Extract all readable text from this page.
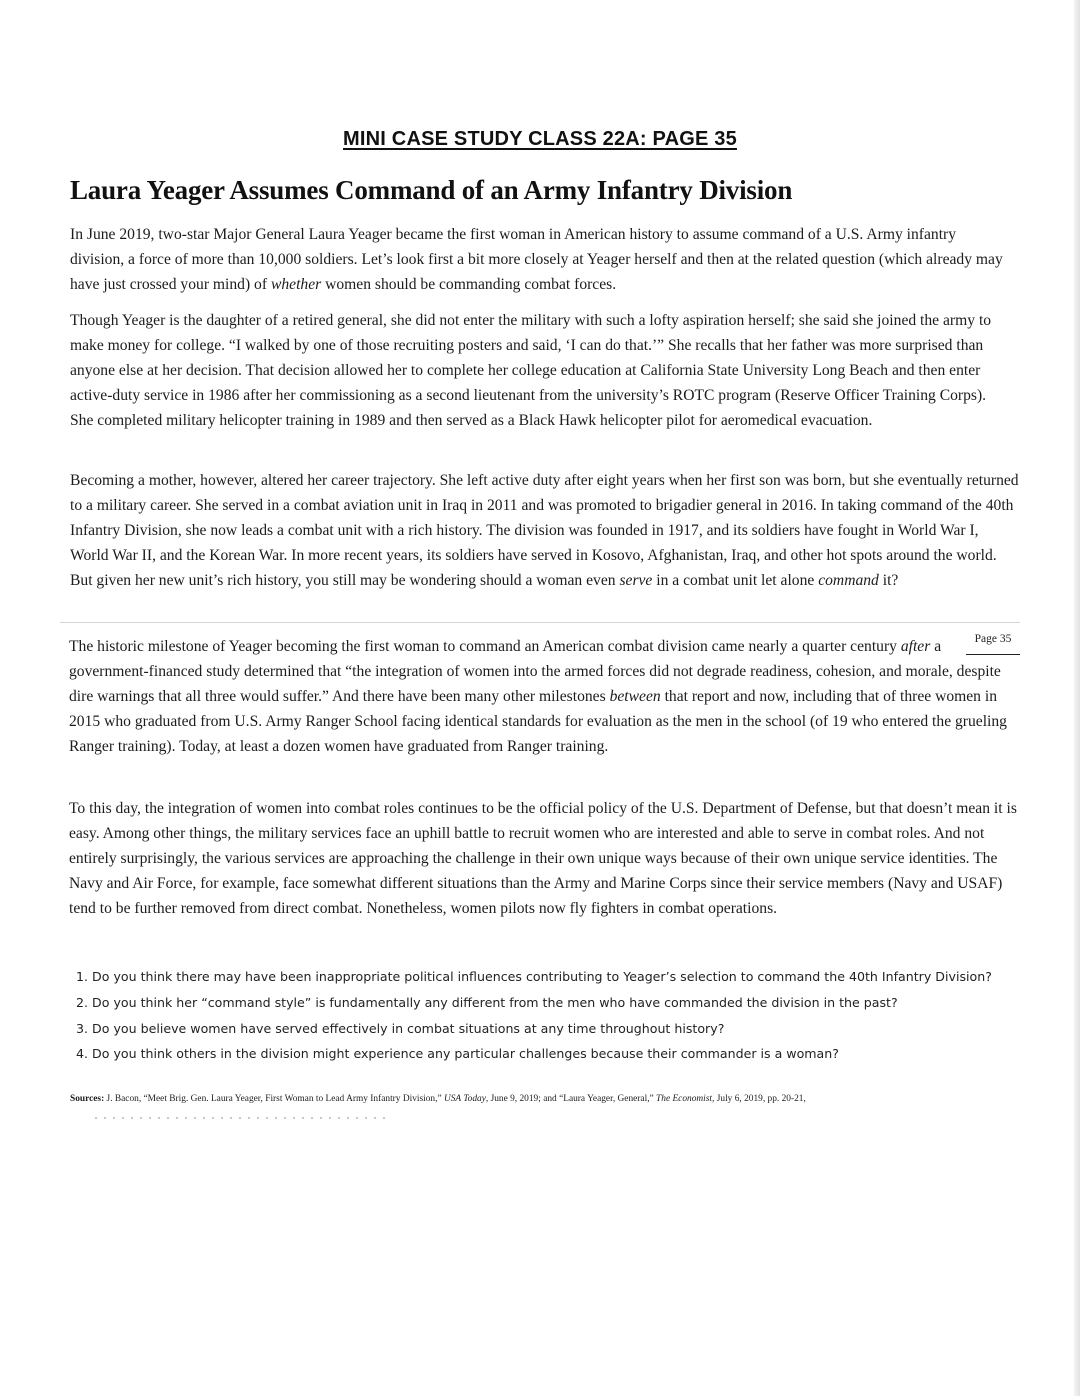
MINI CASE STUDY CLASS 22A: PAGE 35
Laura Yeager Assumes Command of an Army Infantry Division

In June 2019, two-star Major General Laura Yeager became the first woman in American history to assume command of a U.S. Army infantry division, a force of more than 10,000 soldiers. Let’s look first a bit more closely at Yeager herself and then at the related question (which already may have just crossed your mind) of whether women should be commanding combat forces.

Though Yeager is the daughter of a retired general, she did not enter the military with such a lofty aspiration herself; she said she joined the army to make money for college. “I walked by one of those recruiting posters and said, ‘I can do that.’” She recalls that her father was more surprised than anyone else at her decision. That decision allowed her to complete her college education at California State University Long Beach and then enter active-duty service in 1986 after her commissioning as a second lieutenant from the university’s ROTC program (Reserve Officer Training Corps). She completed military helicopter training in 1989 and then served as a Black Hawk helicopter pilot for aeromedical evacuation.

Becoming a mother, however, altered her career trajectory. She left active duty after eight years when her first son was born, but she eventually returned to a military career. She served in a combat aviation unit in Iraq in 2011 and was promoted to brigadier general in 2016. In taking command of the 40th Infantry Division, she now leads a combat unit with a rich history. The division was founded in 1917, and its soldiers have fought in World War I, World War II, and the Korean War. In more recent years, its soldiers have served in Kosovo, Afghanistan, Iraq, and other hot spots around the world. But given her new unit’s rich history, you still may be wondering should a woman even serve in a combat unit let alone command it?

Page 35

The historic milestone of Yeager becoming the first woman to command an American combat division came nearly a quarter century after a government-financed study determined that “the integration of women into the armed forces did not degrade readiness, cohesion, and morale, despite dire warnings that all three would suffer.” And there have been many other milestones between that report and now, including that of three women in 2015 who graduated from U.S. Army Ranger School facing identical standards for evaluation as the men in the school (of 19 who entered the grueling Ranger training). Today, at least a dozen women have graduated from Ranger training.

To this day, the integration of women into combat roles continues to be the official policy of the U.S. Department of Defense, but that doesn’t mean it is easy. Among other things, the military services face an uphill battle to recruit women who are interested and able to serve in combat roles. And not entirely surprisingly, the various services are approaching the challenge in their own unique ways because of their own unique service identities. The Navy and Air Force, for example, face somewhat different situations than the Army and Marine Corps since their service members (Navy and USAF) tend to be further removed from direct combat. Nonetheless, women pilots now fly fighters in combat operations.

1. Do you think there may have been inappropriate political influences contributing to Yeager’s selection to command the 40th Infantry Division?
2. Do you think her “command style” is fundamentally any different from the men who have commanded the division in the past?
3. Do you believe women have served effectively in combat situations at any time throughout history?
4. Do you think others in the division might experience any particular challenges because their commander is a woman?

Sources: J. Bacon, “Meet Brig. Gen. Laura Yeager, First Woman to Lead Army Infantry Division,” USA Today, June 9, 2019; and “Laura Yeager, General,” The Economist, July 6, 2019, pp. 20-21,
